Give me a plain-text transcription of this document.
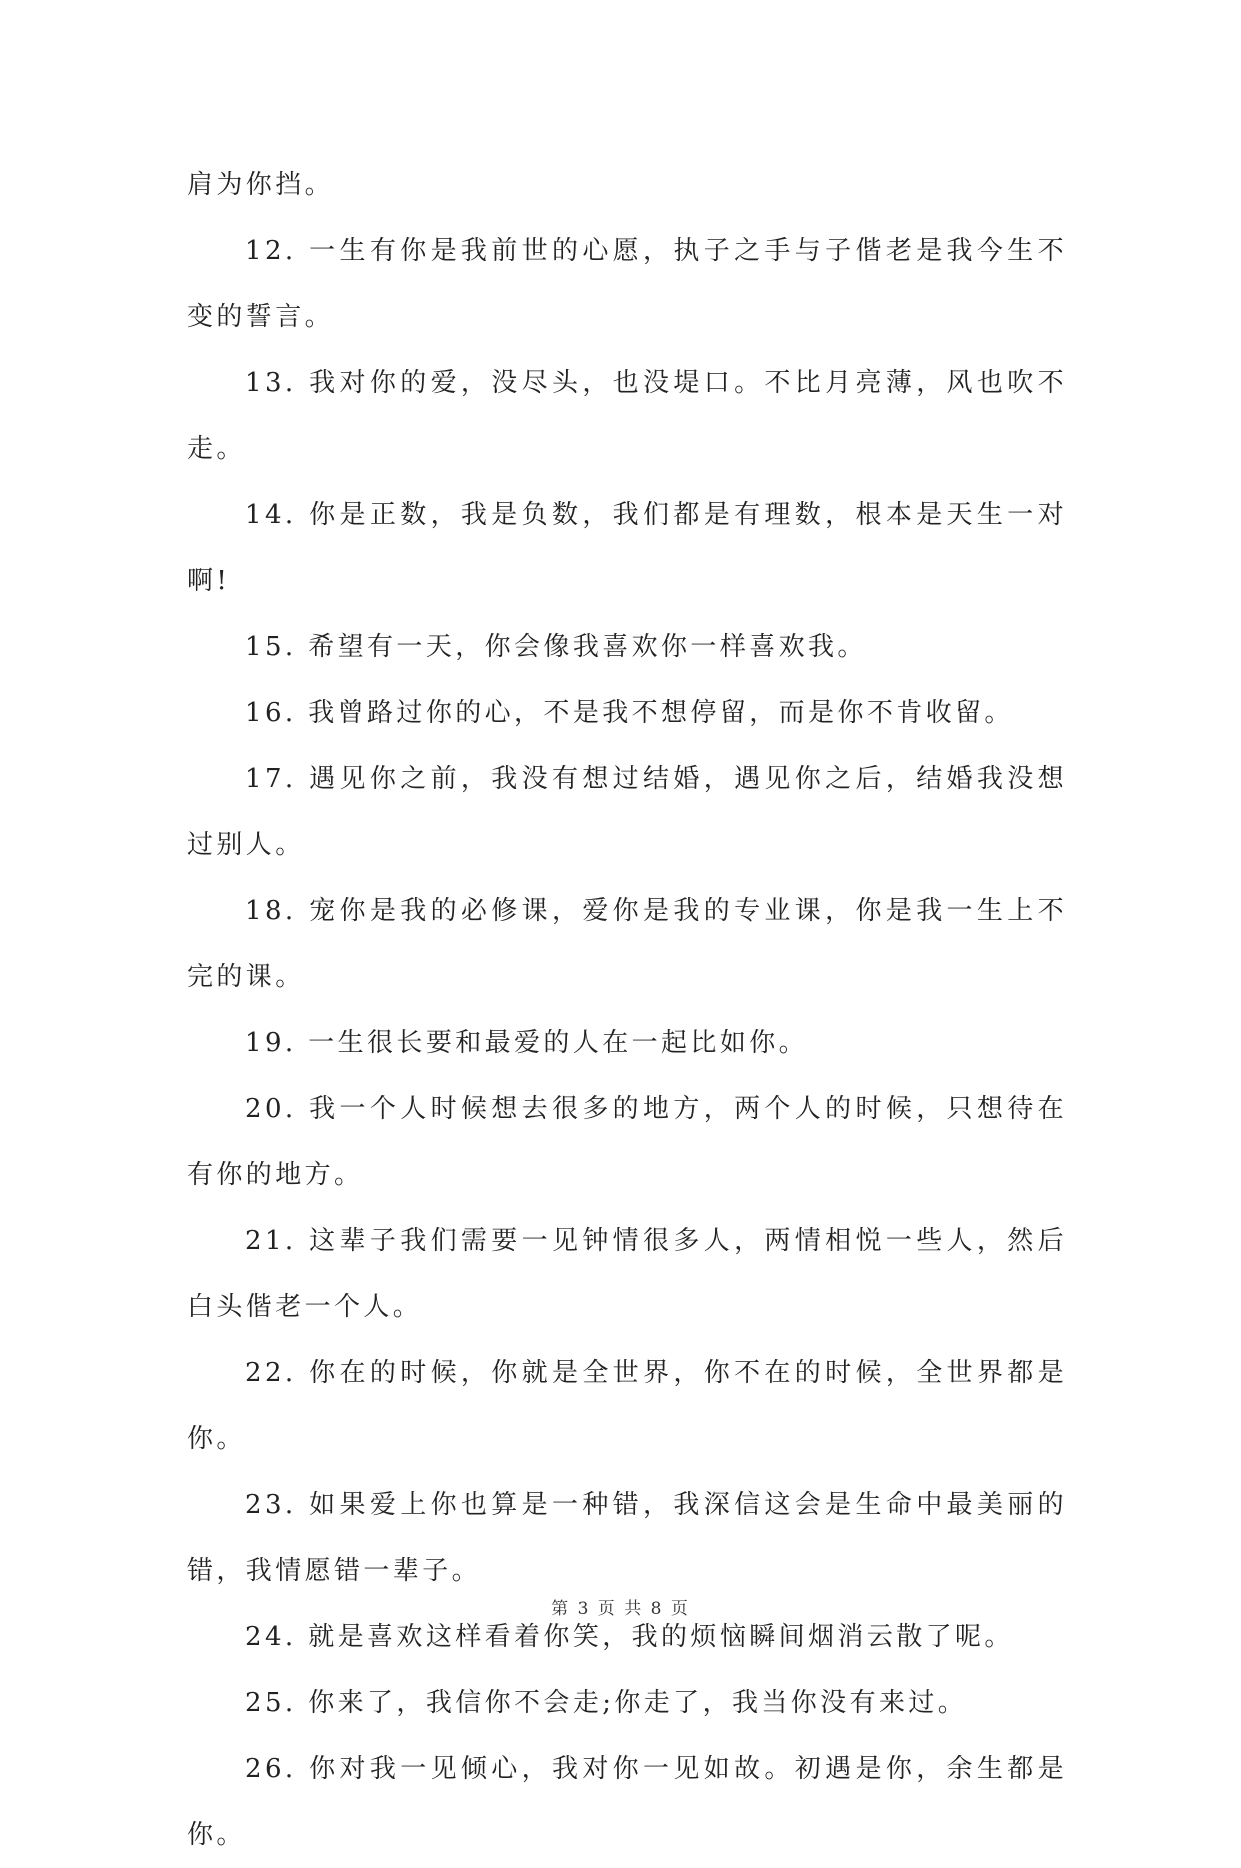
肩为你挡。

12. 一生有你是我前世的心愿，执子之手与子偕老是我今生不变的誓言。

13. 我对你的爱，没尽头，也没堤口。不比月亮薄，风也吹不走。

14. 你是正数，我是负数，我们都是有理数，根本是天生一对啊!

15. 希望有一天，你会像我喜欢你一样喜欢我。

16. 我曾路过你的心，不是我不想停留，而是你不肯收留。

17. 遇见你之前，我没有想过结婚，遇见你之后，结婚我没想过别人。

18. 宠你是我的必修课，爱你是我的专业课，你是我一生上不完的课。

19. 一生很长要和最爱的人在一起比如你。

20. 我一个人时候想去很多的地方，两个人的时候，只想待在有你的地方。

21. 这辈子我们需要一见钟情很多人，两情相悦一些人，然后白头偕老一个人。

22. 你在的时候，你就是全世界，你不在的时候，全世界都是你。

23. 如果爱上你也算是一种错，我深信这会是生命中最美丽的错，我情愿错一辈子。

24. 就是喜欢这样看着你笑，我的烦恼瞬间烟消云散了呢。

25. 你来了，我信你不会走;你走了，我当你没有来过。

26. 你对我一见倾心，我对你一见如故。初遇是你，余生都是你。

第 3 页 共 8 页
